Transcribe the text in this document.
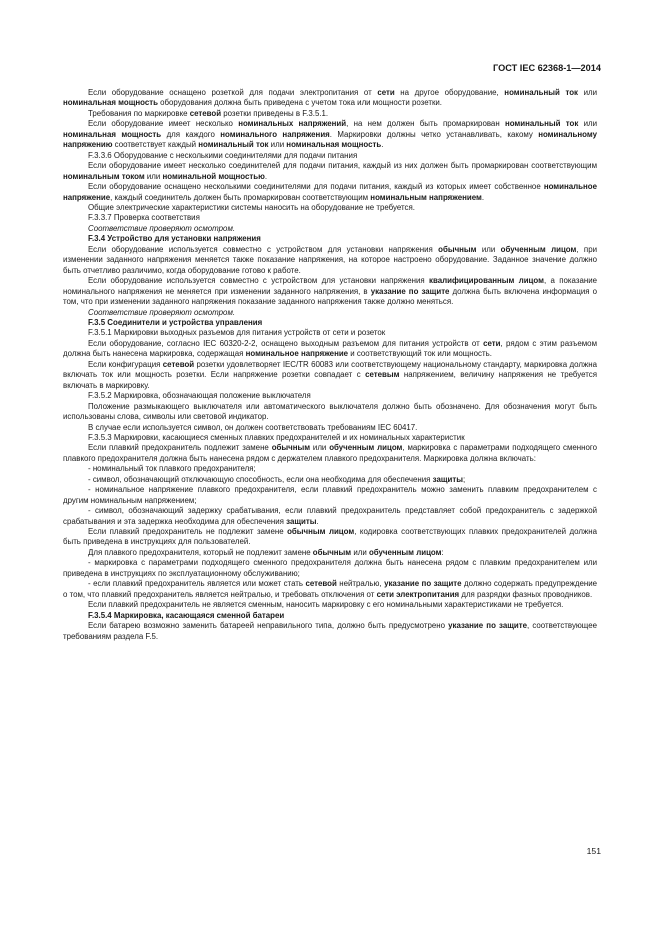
ГОСТ IEC 62368-1—2014

Если оборудование оснащено розеткой для подачи электропитания от сети на другое оборудование, номинальный ток или номинальная мощность оборудования должна быть приведена с учетом тока или мощности розетки.

Требования по маркировке сетевой розетки приведены в F.3.5.1.

Если оборудование имеет несколько номинальных напряжений, на нем должен быть промаркирован номинальный ток или номинальная мощность для каждого номинального напряжения. Маркировки должны четко устанавливать, какому номинальному напряжению соответствует каждый номинальный ток или номинальная мощность.

F.3.3.6 Оборудование с несколькими соединителями для подачи питания

Если оборудование имеет несколько соединителей для подачи питания, каждый из них должен быть промаркирован соответствующим номинальным током или номинальной мощностью.

Если оборудование оснащено несколькими соединителями для подачи питания, каждый из которых имеет собственное номинальное напряжение, каждый соединитель должен быть промаркирован соответствующим номинальным напряжением.

Общие электрические характеристики системы наносить на оборудование не требуется.

F.3.3.7 Проверка соответствия

Соответствие проверяют осмотром.

F.3.4 Устройство для установки напряжения

Если оборудование используется совместно с устройством для установки напряжения обычным или обученным лицом, при изменении заданного напряжения меняется также показание напряжения, на которое настроено оборудование. Заданное значение должно быть отчетливо различимо, когда оборудование готово к работе.

Если оборудование используется совместно с устройством для установки напряжения квалифицированным лицом, а показание номинального напряжения не меняется при изменении заданного напряжения, в указание по защите должна быть включена информация о том, что при изменении заданного напряжения показание заданного напряжения также должно меняться.

Соответствие проверяют осмотром.

F.3.5 Соединители и устройства управления

F.3.5.1 Маркировки выходных разъемов для питания устройств от сети и розеток

Если оборудование, согласно IEC 60320-2-2, оснащено выходным разъемом для питания устройств от сети, рядом с этим разъемом должна быть нанесена маркировка, содержащая номинальное напряжение и соответствующий ток или мощность.

Если конфигурация сетевой розетки удовлетворяет IEC/TR 60083 или соответствующему национальному стандарту, маркировка должна включать ток или мощность розетки. Если напряжение розетки совпадает с сетевым напряжением, величину напряжения не требуется включать в маркировку.

F.3.5.2 Маркировка, обозначающая положение выключателя

Положение размыкающего выключателя или автоматического выключателя должно быть обозначено. Для обозначения могут быть использованы слова, символы или световой индикатор.

В случае если используется символ, он должен соответствовать требованиям IEC 60417.

F.3.5.3 Маркировки, касающиеся сменных плавких предохранителей и их номинальных характеристик

Если плавкий предохранитель подлежит замене обычным или обученным лицом, маркировка с параметрами подходящего сменного плавкого предохранителя должна быть нанесена рядом с держателем плавкого предохранителя. Маркировка должна включать:

- номинальный ток плавкого предохранителя;

- символ, обозначающий отключающую способность, если она необходима для обеспечения защиты;

- номинальное напряжение плавкого предохранителя, если плавкий предохранитель можно заменить плавким предохранителем с другим номинальным напряжением;

- символ, обозначающий задержку срабатывания, если плавкий предохранитель представляет собой предохранитель с задержкой срабатывания и эта задержка необходима для обеспечения защиты.

Если плавкий предохранитель не подлежит замене обычным лицом, кодировка соответствующих плавких предохранителей должна быть приведена в инструкциях для пользователей.

Для плавкого предохранителя, который не подлежит замене обычным или обученным лицом:

- маркировка с параметрами подходящего сменного предохранителя должна быть нанесена рядом с плавким предохранителем или приведена в инструкциях по эксплуатационному обслуживанию;

- если плавкий предохранитель является или может стать сетевой нейтралью, указание по защите должно содержать предупреждение о том, что плавкий предохранитель является нейтралью, и требовать отключения от сети электропитания для разрядки фазных проводников.

Если плавкий предохранитель не является сменным, наносить маркировку с его номинальными характеристиками не требуется.

F.3.5.4 Маркировка, касающаяся сменной батареи

Если батарею возможно заменить батареей неправильного типа, должно быть предусмотрено указание по защите, соответствующее требованиям раздела F.5.

151
